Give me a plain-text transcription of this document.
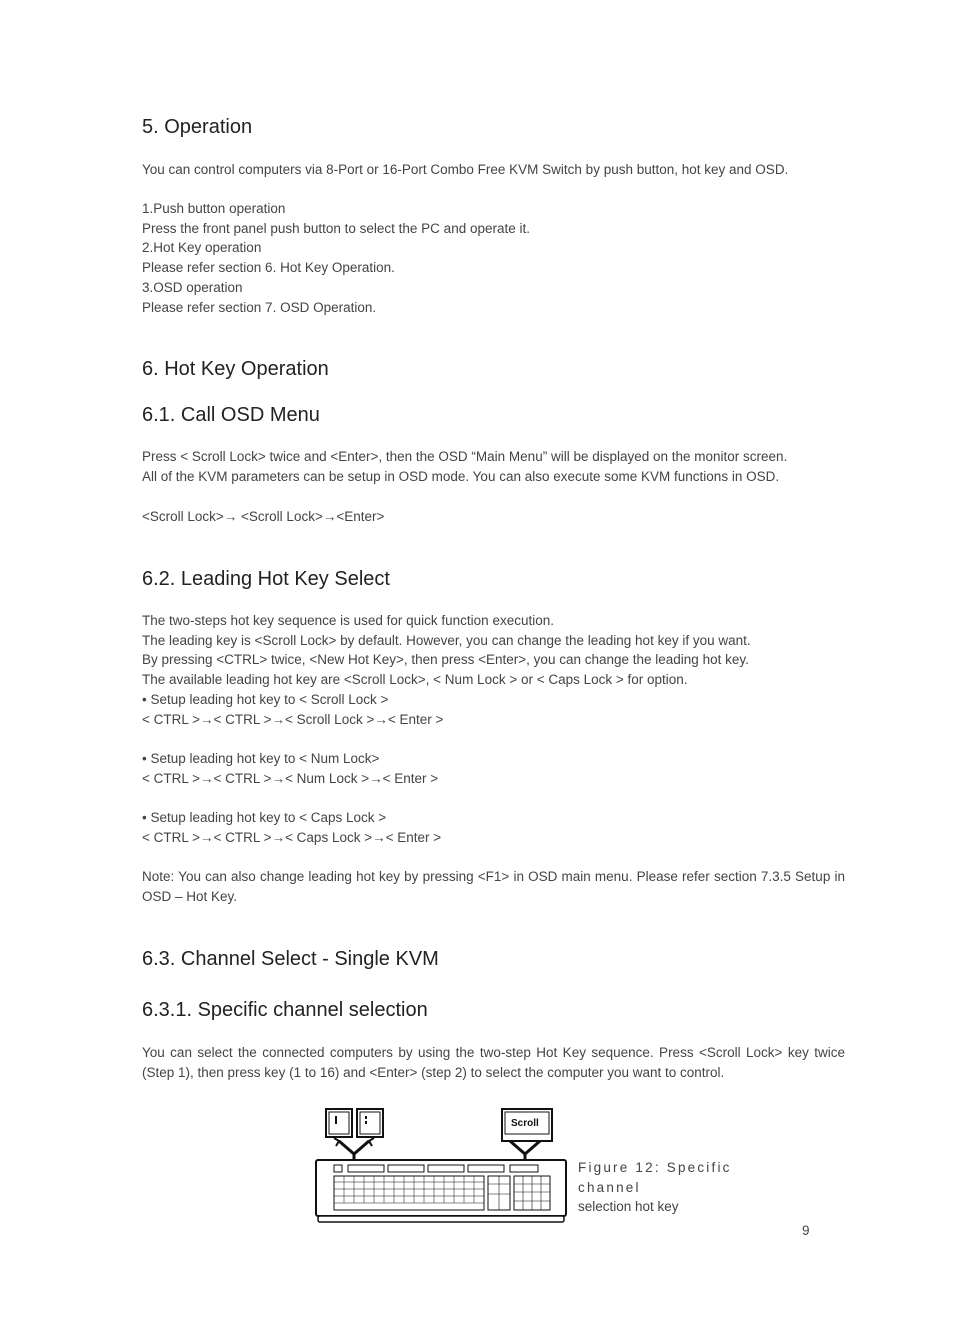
5. Operation

You can control computers via 8-Port or 16-Port Combo Free KVM Switch by push button, hot key and OSD.

1.Push button operation

Press the front panel push button to select the PC and operate it.

2.Hot Key operation

Please refer section 6. Hot Key Operation.

3.OSD operation

Please refer section 7. OSD Operation.

6. Hot Key Operation
6.1. Call OSD Menu

Press < Scroll Lock> twice and <Enter>, then the OSD “Main Menu” will be displayed on the monitor screen.

All of the KVM parameters can be setup in OSD mode. You can also execute some KVM functions in OSD.

<Scroll Lock>→ <Scroll Lock>→<Enter>

6.2. Leading Hot Key Select

The two-steps hot key sequence is used for quick function execution.

The leading key is <Scroll Lock> by default. However, you can change the leading hot key if you want.

By pressing <CTRL> twice, <New Hot Key>, then press <Enter>, you can change the leading hot key.

The available leading hot key are <Scroll Lock>, < Num Lock > or < Caps Lock > for option.

• Setup leading hot key to < Scroll Lock >

< CTRL >→< CTRL >→< Scroll Lock >→< Enter >

• Setup leading hot key to < Num Lock>

< CTRL >→< CTRL >→< Num Lock >→< Enter >

• Setup leading hot key to < Caps Lock >

< CTRL >→< CTRL >→< Caps Lock >→< Enter >

Note: You can also change leading hot key by pressing <F1> in OSD main menu. Please refer section 7.3.5 Setup in OSD – Hot Key.

6.3. Channel Select - Single KVM
6.3.1. Specific channel selection

You can select the connected computers by using the two-step Hot Key sequence. Press <Scroll Lock> key twice (Step 1), then press key (1 to 16) and <Enter> (step 2) to select the computer you want to control.

Scroll
Figure 12: Specific channel
selection hot key
9
